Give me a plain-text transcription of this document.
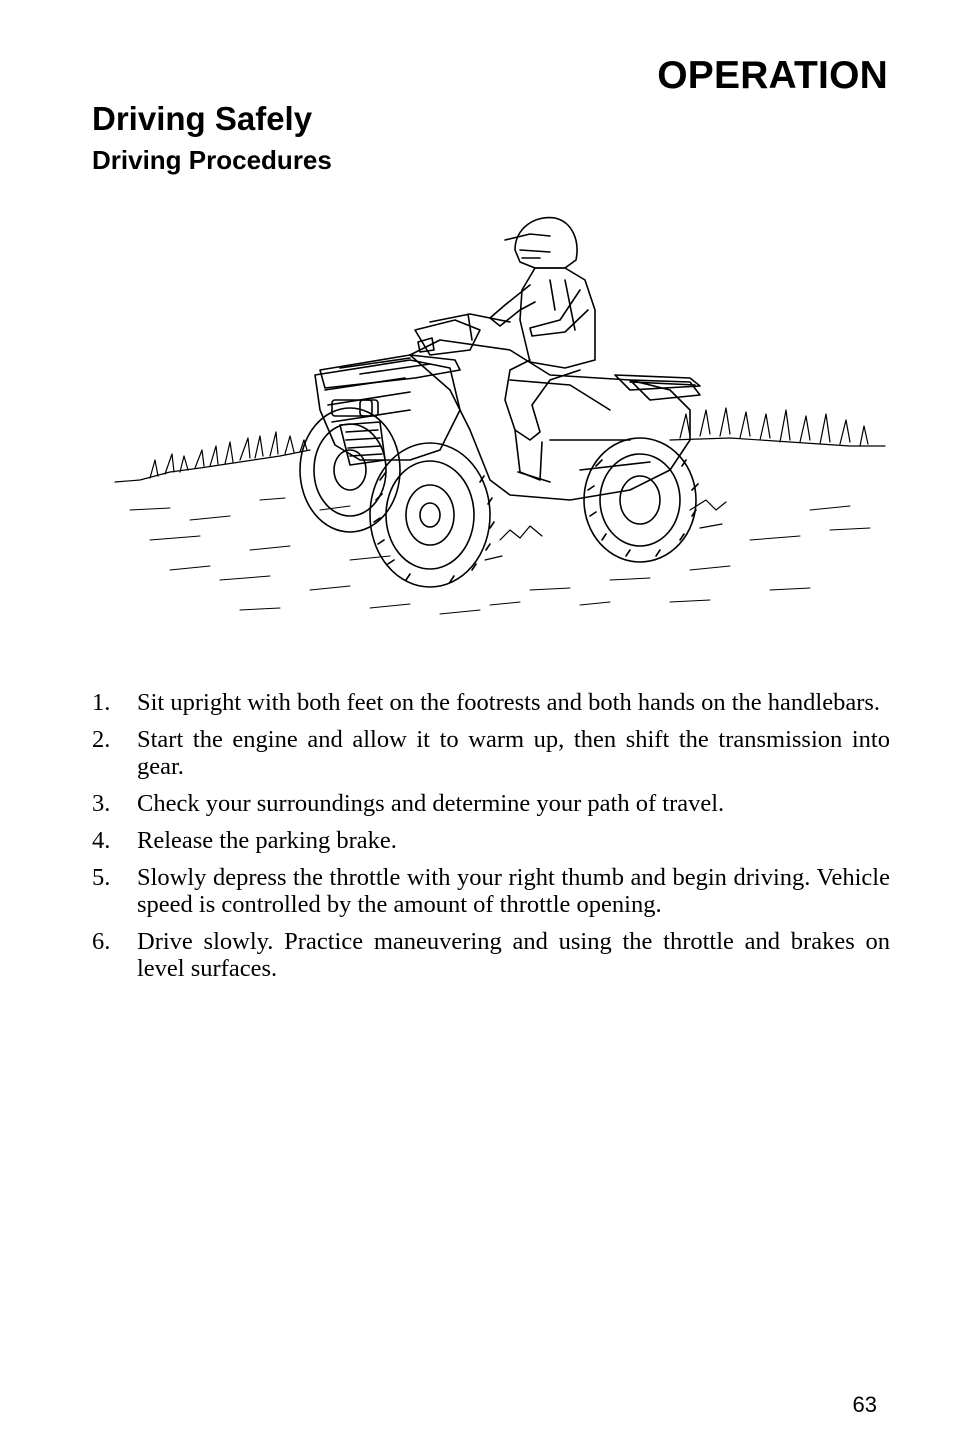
OPERATION
Driving Safely
Driving Procedures
1.	Sit upright with both feet on the footrests and both hands on the handlebars.
2.	Start the engine and allow it to warm up, then shift the transmission into gear.
3.	Check your surroundings and determine your path of travel.
4.	Release the parking brake.
5.	Slowly depress the throttle with your right thumb and begin driving. Vehicle speed is controlled by the amount of throttle opening.
6.	Drive slowly. Practice maneuvering and using the throttle and brakes on level surfaces.
63
